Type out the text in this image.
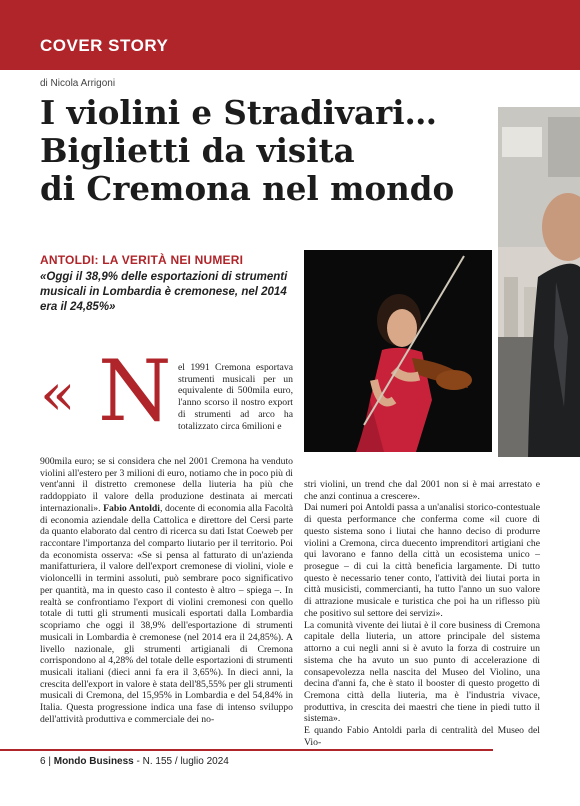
COVER STORY
di Nicola Arrigoni
I violini e Stradivari…
Biglietti da visita
di Cremona nel mondo
ANTOLDI: LA VERITÀ NEI NUMERI
«Oggi il 38,9% delle esportazioni di strumenti musicali in Lombardia è cremonese, nel 2014 era il 24,85%»
« N el 1991 Cremona esportava strumenti musicali per un equivalente di 500mila euro, l'anno scorso il nostro export di strumenti ad arco ha totalizzato circa 6milioni e

900mila euro; se si considera che nel 2001 Cremona ha venduto violini all'estero per 3 milioni di euro, notiamo che in poco più di vent'anni il distretto cremonese della liuteria ha più che raddoppiato il valore della produzione destinata ai mercati internazionali». Fabio Antoldi, docente di economia alla Facoltà di economia aziendale della Cattolica e direttore del Cersi parte da quanto elaborato dal centro di ricerca su dati Istat Coeweb per raccontare l'importanza del comparto liutario per il territorio. Poi da economista osserva: «Se si pensa al fatturato di un'azienda manifatturiera, il valore dell'export cremonese di violini, viole e violoncelli in termini assoluti, può sembrare poco significativo per quantità, ma in questo caso il contesto è altro – spiega –. In realtà se confrontiamo l'export di violini cremonesi con quello totale di tutti gli strumenti musicali esportati dalla Lombardia scopriamo che oggi il 38,9% dell'esportazione di strumenti musicali in Lombardia è cremonese (nel 2014 era il 24,85%). A livello nazionale, gli strumenti artigianali di Cremona corrispondono al 4,28% del totale delle esportazioni di strumenti musicali italiani (dieci anni fa era il 3,65%). In dieci anni, la crescita dell'export in valore è stata dell'85,55% per gli strumenti musicali di Cremona, del 15,95% in Lombardia e del 54,84% in Italia. Questa progressione indica una fase di intenso sviluppo dell'attività produttiva e commerciale dei no-

stri violini, un trend che dal 2001 non si è mai arrestato e che anzi continua a crescere».

Dai numeri poi Antoldi passa a un'analisi storico-contestuale di questa performance che conferma come «il cuore di questo sistema sono i liutai che hanno deciso di produrre violini a Cremona, circa duecento imprenditori artigiani che qui lavorano e fanno della città un ecosistema unico – prosegue – di cui la città beneficia largamente. Di tutto questo è necessario tener conto, l'attività dei liutai porta in città musicisti, commercianti, ha tutto l'anno un suo valore di attrazione musicale e turistica che poi ha un riflesso più che positivo sul settore dei servizi».

La comunità vivente dei liutai è il core business di Cremona capitale della liuteria, un attore principale del sistema attorno a cui negli anni si è avuto la forza di costruire un sistema che ha avuto un suo punto di accelerazione di consapevolezza nella nascita del Museo del Violino, una decina d'anni fa, che è stato il booster di questo progetto di Cremona città della liuteria, ma è l'industria vivace, produttiva, in crescita dei maestri che tiene in piedi tutto il sistema».

E quando Fabio Antoldi parla di centralità del Museo del Vio-

6 | Mondo Business - N. 155 / luglio 2024
